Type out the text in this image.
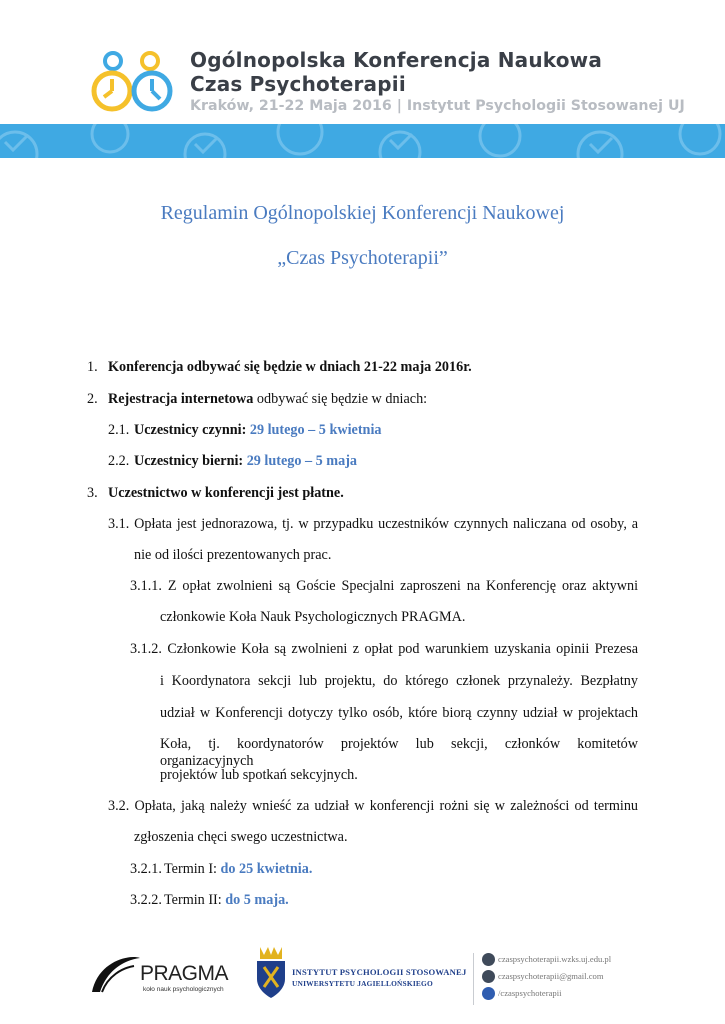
Ogólnopolska Konferencja Naukowa
Czas Psychoterapii
Kraków, 21-22 Maja 2016 | Instytut Psychologii Stosowanej UJ
Regulamin Ogólnopolskiej Konferencji Naukowej
„Czas Psychoterapii”
1. Konferencja odbywać się będzie w dniach 21-22 maja 2016r.
2. Rejestracja internetowa odbywać się będzie w dniach:
2.1. Uczestnicy czynni: 29 lutego – 5 kwietnia
2.2. Uczestnicy bierni: 29 lutego – 5 maja
3. Uczestnictwo w konferencji jest płatne.
3.1. Opłata jest jednorazowa, tj. w przypadku uczestników czynnych naliczana od osoby, a
nie od ilości prezentowanych prac.
3.1.1. Z opłat zwolnieni są Goście Specjalni zaproszeni na Konferencję oraz aktywni
członkowie Koła Nauk Psychologicznych PRAGMA.
3.1.2. Członkowie Koła są zwolnieni z opłat pod warunkiem uzyskania opinii Prezesa
i Koordynatora sekcji lub projektu, do którego członek przynależy. Bezpłatny
udział w Konferencji dotyczy tylko osób, które biorą czynny udział w projektach
Koła, tj. koordynatorów projektów lub sekcji, członków komitetów organizacyjnych
projektów lub spotkań sekcyjnych.
3.2. Opłata, jaką należy wnieść za udział w konferencji rożni się w zależności od terminu
zgłoszenia chęci swego uczestnictwa.
3.2.1. Termin I: do 25 kwietnia.
3.2.2. Termin II: do 5 maja.
PRAGMA
koło nauk psychologicznych
INSTYTUT PSYCHOLOGII STOSOWANEJ
UNIWERSYTETU JAGIELLOŃSKIEGO
czaspsychoterapii.wzks.uj.edu.pl
czaspsychoterapii@gmail.com
/czaspsychoterapii
